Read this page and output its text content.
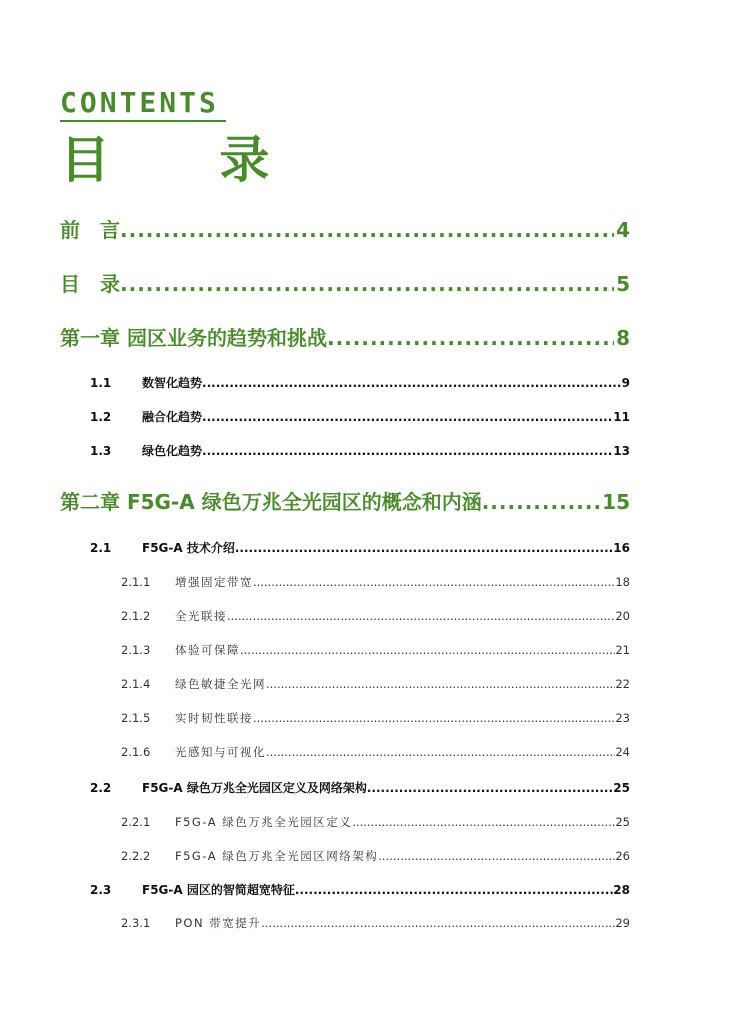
CONTENTS
目 录
前　言 .....	4
目　录 .....	5
第一章 园区业务的趋势和挑战 .....	8
1.1	数智化趋势 .....	9
1.2	融合化趋势 .....	11
1.3	绿色化趋势 .....	13
第二章 F5G-A 绿色万兆全光园区的概念和内涵 .....	15
2.1	F5G-A 技术介绍 .....	16
2.1.1	增强固定带宽 .....	18
2.1.2	全光联接 .....	20
2.1.3	体验可保障 .....	21
2.1.4	绿色敏捷全光网 .....	22
2.1.5	实时韧性联接 .....	23
2.1.6	光感知与可视化 .....	24
2.2	F5G-A 绿色万兆全光园区定义及网络架构 .....	25
2.2.1	F5G-A 绿色万兆全光园区定义 .....	25
2.2.2	F5G-A 绿色万兆全光园区网络架构 .....	26
2.3	F5G-A 园区的智简超宽特征 .....	28
2.3.1	PON 带宽提升 .....	29
